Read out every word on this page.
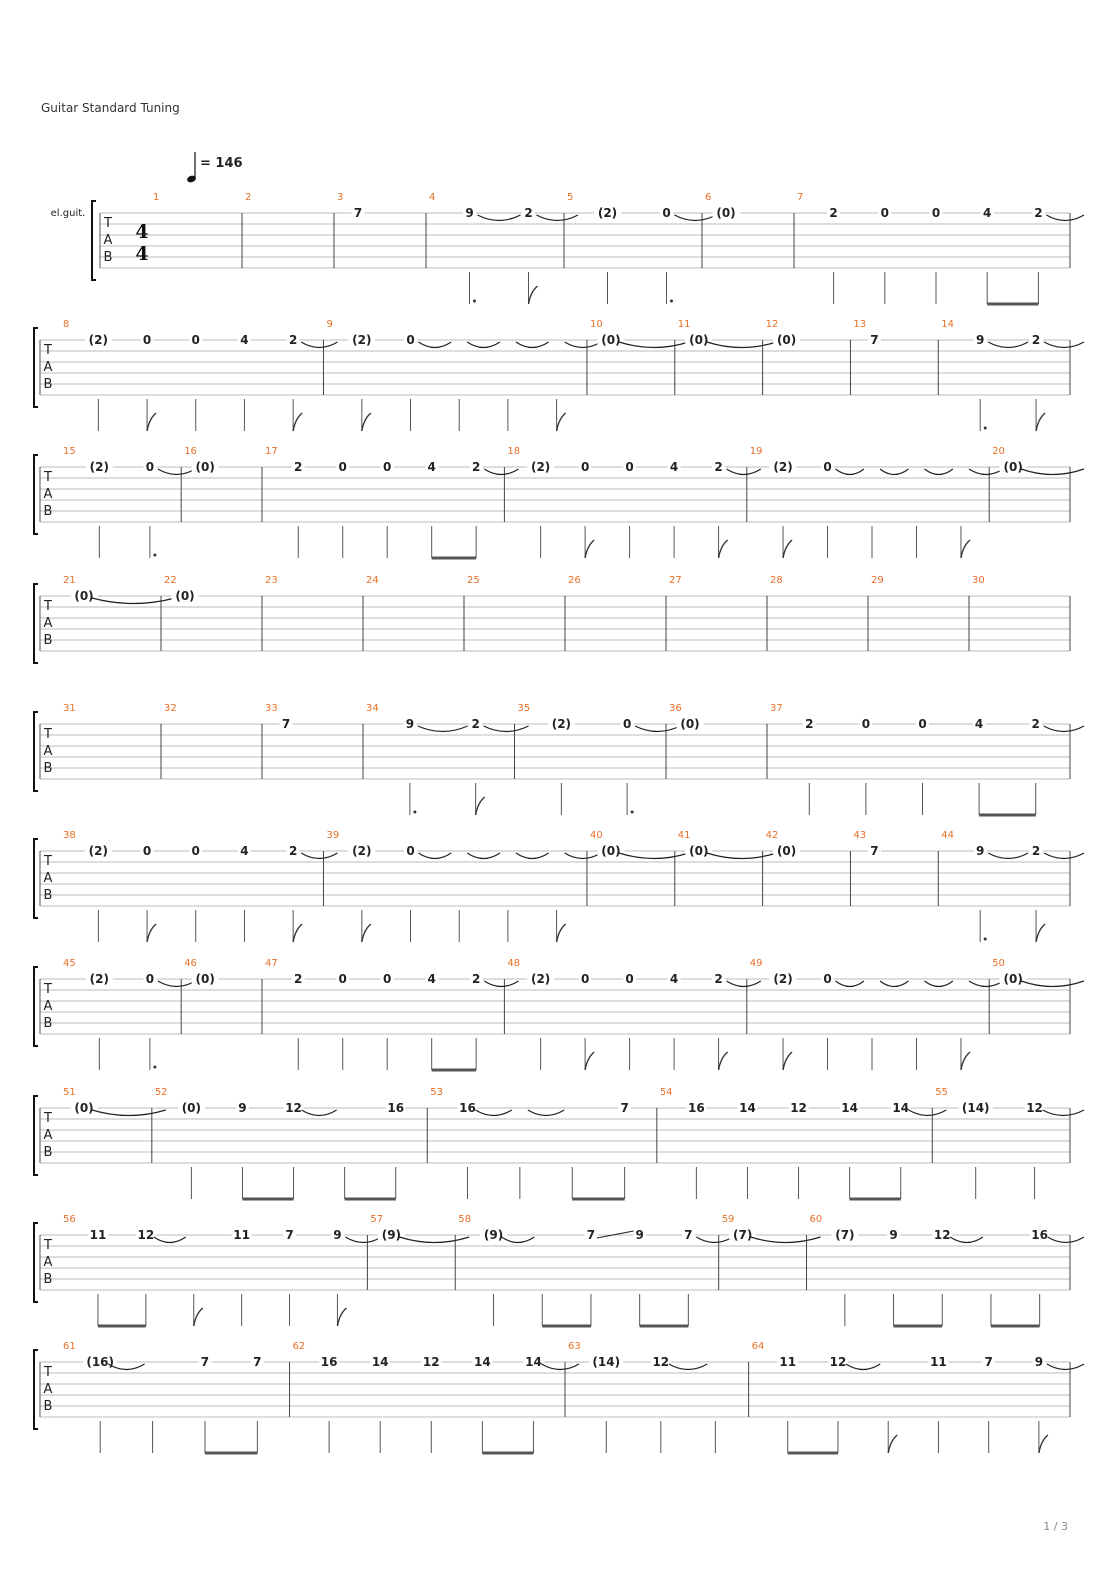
Guitar Standard Tuning
= 146
T
A
B
el.guit.
4
4
1	2	3
7
4
9	2
5
(2)	0
6
(0)
7
2	0	0	4	2
T
A
B
8
(2)	0	0	4	2
9
(2)	0
10
(0)
11
(0)
12
(0)
13
7
14
9	2
T
A
B
15
(2)	0
16
(0)
17
2	0	0	4	2
18
(2)	0	0	4	2
19
(2)	0
20
(0)
T
A
B
21
(0)
22
(0)
23	24	25	26	27	28	29	30
T
A
B
31	32	33
7
34
9	2
35
(2)	0
36
(0)
37
2	0	0	4	2
T
A
B
38
(2)	0	0	4	2
39
(2)	0
40
(0)
41
(0)
42
(0)
43
7
44
9	2
T
A
B
45
(2)	0
46
(0)
47
2	0	0	4	2
48
(2)	0	0	4	2
49
(2)	0
50
(0)
T
A
B
51
(0)
52
(0)	9	12	16
53
16	7
54
16	14	12	14	14
55
(14)	12
T
A
B
56
11	12	11	7	9
57
(9)
58
(9)	7	9	7
59
(7)
60
(7)	9	12	16
T
A
B
61
(16)	7	7
62
16	14	12	14	14
63
(14)	12
64
11	12	11	7	9
1 / 3
